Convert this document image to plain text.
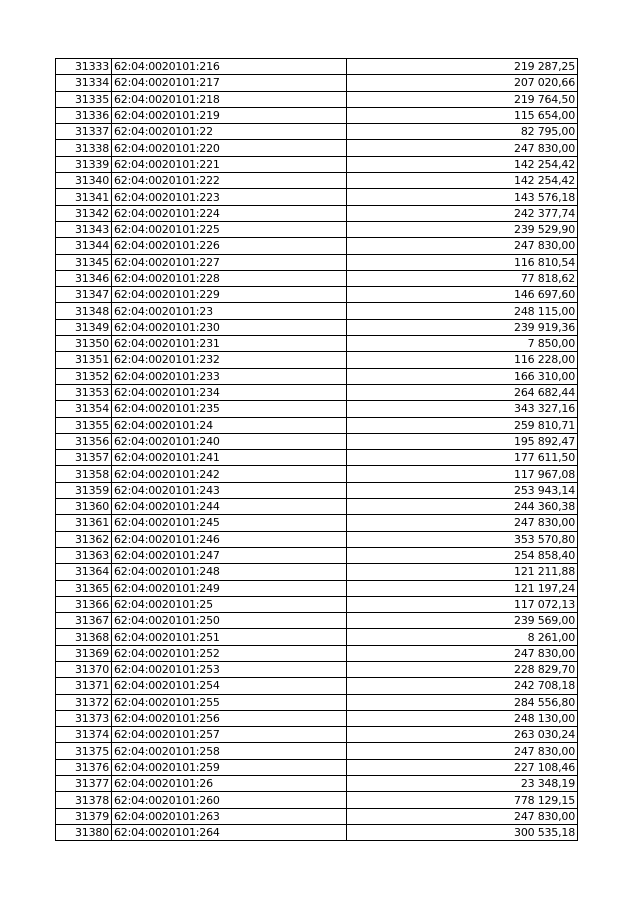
31333	62:04:0020101:216	219 287,25
31334	62:04:0020101:217	207 020,66
31335	62:04:0020101:218	219 764,50
31336	62:04:0020101:219	115 654,00
31337	62:04:0020101:22	82 795,00
31338	62:04:0020101:220	247 830,00
31339	62:04:0020101:221	142 254,42
31340	62:04:0020101:222	142 254,42
31341	62:04:0020101:223	143 576,18
31342	62:04:0020101:224	242 377,74
31343	62:04:0020101:225	239 529,90
31344	62:04:0020101:226	247 830,00
31345	62:04:0020101:227	116 810,54
31346	62:04:0020101:228	77 818,62
31347	62:04:0020101:229	146 697,60
31348	62:04:0020101:23	248 115,00
31349	62:04:0020101:230	239 919,36
31350	62:04:0020101:231	7 850,00
31351	62:04:0020101:232	116 228,00
31352	62:04:0020101:233	166 310,00
31353	62:04:0020101:234	264 682,44
31354	62:04:0020101:235	343 327,16
31355	62:04:0020101:24	259 810,71
31356	62:04:0020101:240	195 892,47
31357	62:04:0020101:241	177 611,50
31358	62:04:0020101:242	117 967,08
31359	62:04:0020101:243	253 943,14
31360	62:04:0020101:244	244 360,38
31361	62:04:0020101:245	247 830,00
31362	62:04:0020101:246	353 570,80
31363	62:04:0020101:247	254 858,40
31364	62:04:0020101:248	121 211,88
31365	62:04:0020101:249	121 197,24
31366	62:04:0020101:25	117 072,13
31367	62:04:0020101:250	239 569,00
31368	62:04:0020101:251	8 261,00
31369	62:04:0020101:252	247 830,00
31370	62:04:0020101:253	228 829,70
31371	62:04:0020101:254	242 708,18
31372	62:04:0020101:255	284 556,80
31373	62:04:0020101:256	248 130,00
31374	62:04:0020101:257	263 030,24
31375	62:04:0020101:258	247 830,00
31376	62:04:0020101:259	227 108,46
31377	62:04:0020101:26	23 348,19
31378	62:04:0020101:260	778 129,15
31379	62:04:0020101:263	247 830,00
31380	62:04:0020101:264	300 535,18
